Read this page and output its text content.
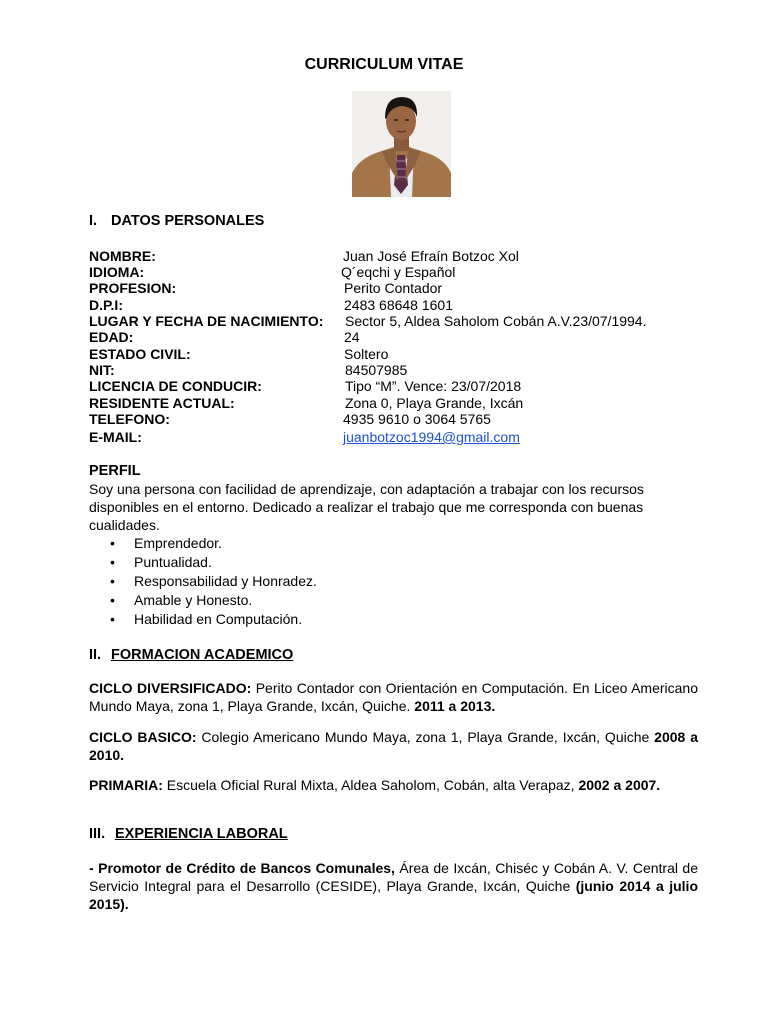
CURRICULUM VITAE
I. DATOS PERSONALES
NOMBRE:	Juan José Efraín Botzoc Xol
IDIOMA:	Q´eqchi y Español
PROFESION:	Perito Contador
D.P.I:	2483 68648 1601
LUGAR Y FECHA DE NACIMIENTO: Sector 5, Aldea Saholom Cobán A.V.23/07/1994.
EDAD:	24
ESTADO CIVIL:	Soltero
NIT:	84507985
LICENCIA DE CONDUCIR:	Tipo “M”. Vence: 23/07/2018
RESIDENTE ACTUAL:	Zona 0, Playa Grande, Ixcán
TELEFONO:	4935 9610 o 3064 5765
E-MAIL:	juanbotzoc1994@gmail.com
PERFIL
Soy una persona con facilidad de aprendizaje, con adaptación a trabajar con los recursos disponibles en el entorno. Dedicado a realizar el trabajo que me corresponda con buenas cualidades.
• Emprendedor.
• Puntualidad.
• Responsabilidad y Honradez.
• Amable y Honesto.
• Habilidad en Computación.
II. FORMACION ACADEMICO
CICLO DIVERSIFICADO: Perito Contador con Orientación en Computación. En Liceo Americano Mundo Maya, zona 1, Playa Grande, Ixcán, Quiche. 2011 a 2013.
CICLO BASICO: Colegio Americano Mundo Maya, zona 1, Playa Grande, Ixcán, Quiche 2008 a 2010.
PRIMARIA: Escuela Oficial Rural Mixta, Aldea Saholom, Cobán, alta Verapaz, 2002 a 2007.
III. EXPERIENCIA LABORAL
- Promotor de Crédito de Bancos Comunales, Área de Ixcán, Chiséc y Cobán A. V. Central de Servicio Integral para el Desarrollo (CESIDE), Playa Grande, Ixcán, Quiche (junio 2014 a julio 2015).
